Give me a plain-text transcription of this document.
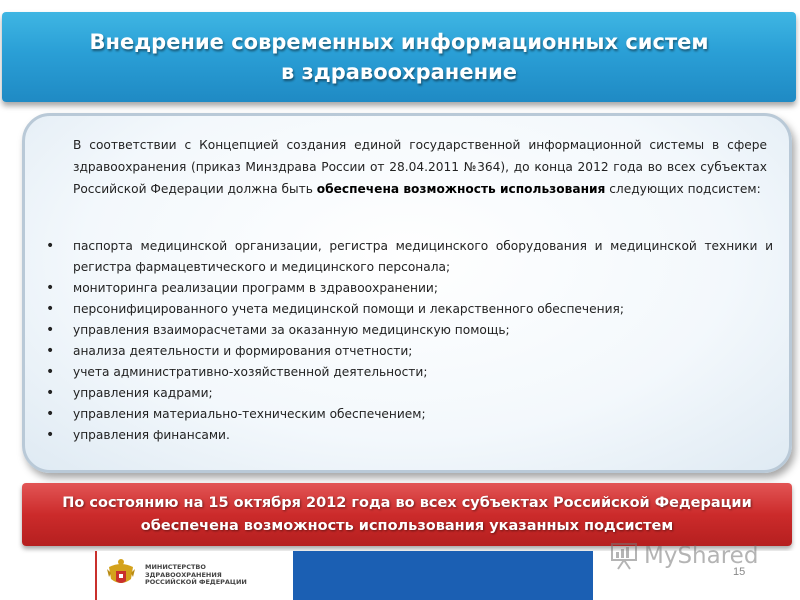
Внедрение современных информационных систем
в здравоохранение

В соответствии с Концепцией создания единой государственной информационной системы в сфере здравоохранения (приказ Минздрава России от 28.04.2011 №364), до конца 2012 года во всех субъектах Российской Федерации должна быть обеспечена возможность использования следующих подсистем:

• паспорта медицинской организации, регистра медицинского оборудования и медицинской техники и регистра фармацевтического и медицинского персонала;
• мониторинга реализации программ в здравоохранении;
• персонифицированного учета медицинской помощи и лекарственного обеспечения;
• управления взаиморасчетами за оказанную медицинскую помощь;
• анализа деятельности и формирования отчетности;
• учета административно-хозяйственной деятельности;
• управления кадрами;
• управления материально-техническим обеспечением;
• управления финансами.
По состоянию на 15 октября 2012 года во всех субъектах Российской Федерации
обеспечена возможность использования указанных подсистем
МИНИСТЕРСТВО
ЗДРАВООХРАНЕНИЯ
РОССИЙСКОЙ ФЕДЕРАЦИИ
MyShared
15
